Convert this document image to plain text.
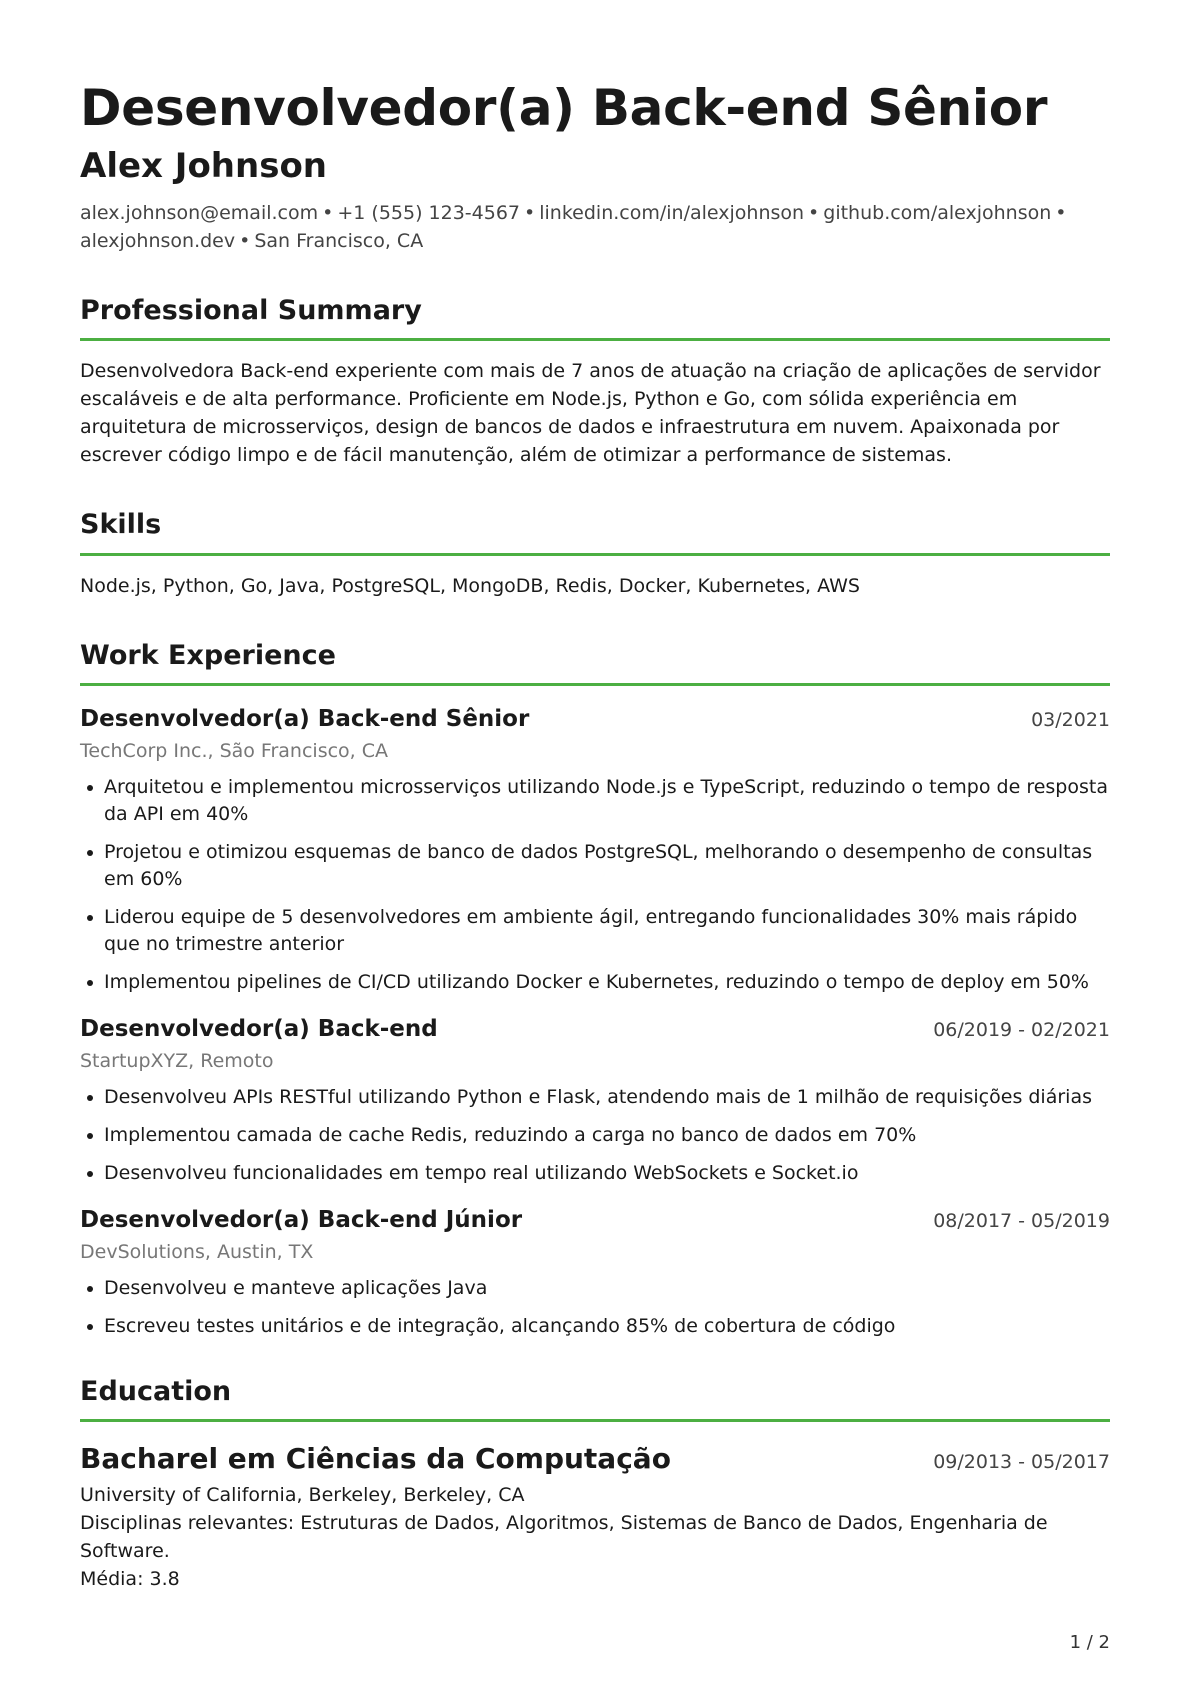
Desenvolvedor(a) Back-end Sênior
Alex Johnson
alex.johnson@email.com • +1 (555) 123-4567 • linkedin.com/in/alexjohnson • github.com/alexjohnson •
alexjohnson.dev • San Francisco, CA
Professional Summary
Desenvolvedora Back-end experiente com mais de 7 anos de atuação na criação de aplicações de servidor escaláveis e de alta performance. Proficiente em Node.js, Python e Go, com sólida experiência em arquitetura de microsserviços, design de bancos de dados e infraestrutura em nuvem. Apaixonada por escrever código limpo e de fácil manutenção, além de otimizar a performance de sistemas.
Skills
Node.js, Python, Go, Java, PostgreSQL, MongoDB, Redis, Docker, Kubernetes, AWS
Work Experience
Desenvolvedor(a) Back-end Sênior	03/2021
TechCorp Inc., São Francisco, CA
Arquitetou e implementou microsserviços utilizando Node.js e TypeScript, reduzindo o tempo de resposta da API em 40%
Projetou e otimizou esquemas de banco de dados PostgreSQL, melhorando o desempenho de consultas em 60%
Liderou equipe de 5 desenvolvedores em ambiente ágil, entregando funcionalidades 30% mais rápido que no trimestre anterior
Implementou pipelines de CI/CD utilizando Docker e Kubernetes, reduzindo o tempo de deploy em 50%
Desenvolvedor(a) Back-end	06/2019 - 02/2021
StartupXYZ, Remoto
Desenvolveu APIs RESTful utilizando Python e Flask, atendendo mais de 1 milhão de requisições diárias
Implementou camada de cache Redis, reduzindo a carga no banco de dados em 70%
Desenvolveu funcionalidades em tempo real utilizando WebSockets e Socket.io
Desenvolvedor(a) Back-end Júnior	08/2017 - 05/2019
DevSolutions, Austin, TX
Desenvolveu e manteve aplicações Java
Escreveu testes unitários e de integração, alcançando 85% de cobertura de código
Education
Bacharel em Ciências da Computação	09/2013 - 05/2017
University of California, Berkeley, Berkeley, CA
Disciplinas relevantes: Estruturas de Dados, Algoritmos, Sistemas de Banco de Dados, Engenharia de Software.
Média: 3.8
1 / 2
